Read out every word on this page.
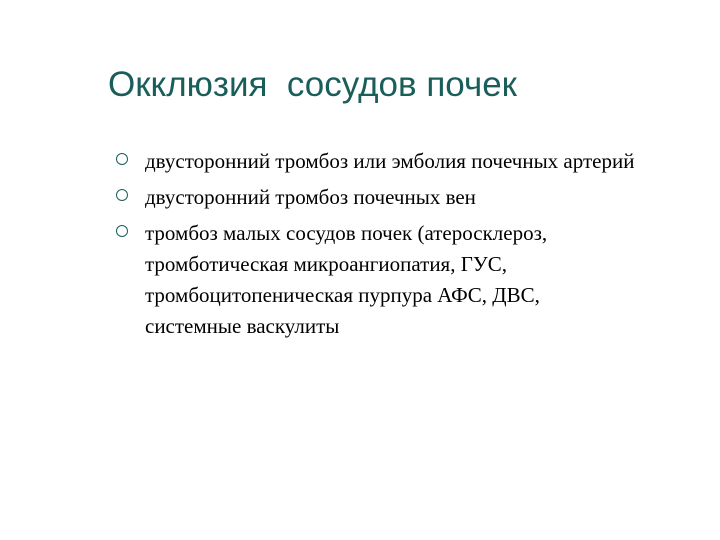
Окклюзия  сосудов почек
двусторонний тромбоз или эмболия почечных артерий
двусторонний тромбоз почечных вен
тромбоз малых сосудов почек (атеросклероз, тромботическая микроангиопатия, ГУС, тромбоцитопеническая пурпура АФС, ДВС, системные васкулиты
